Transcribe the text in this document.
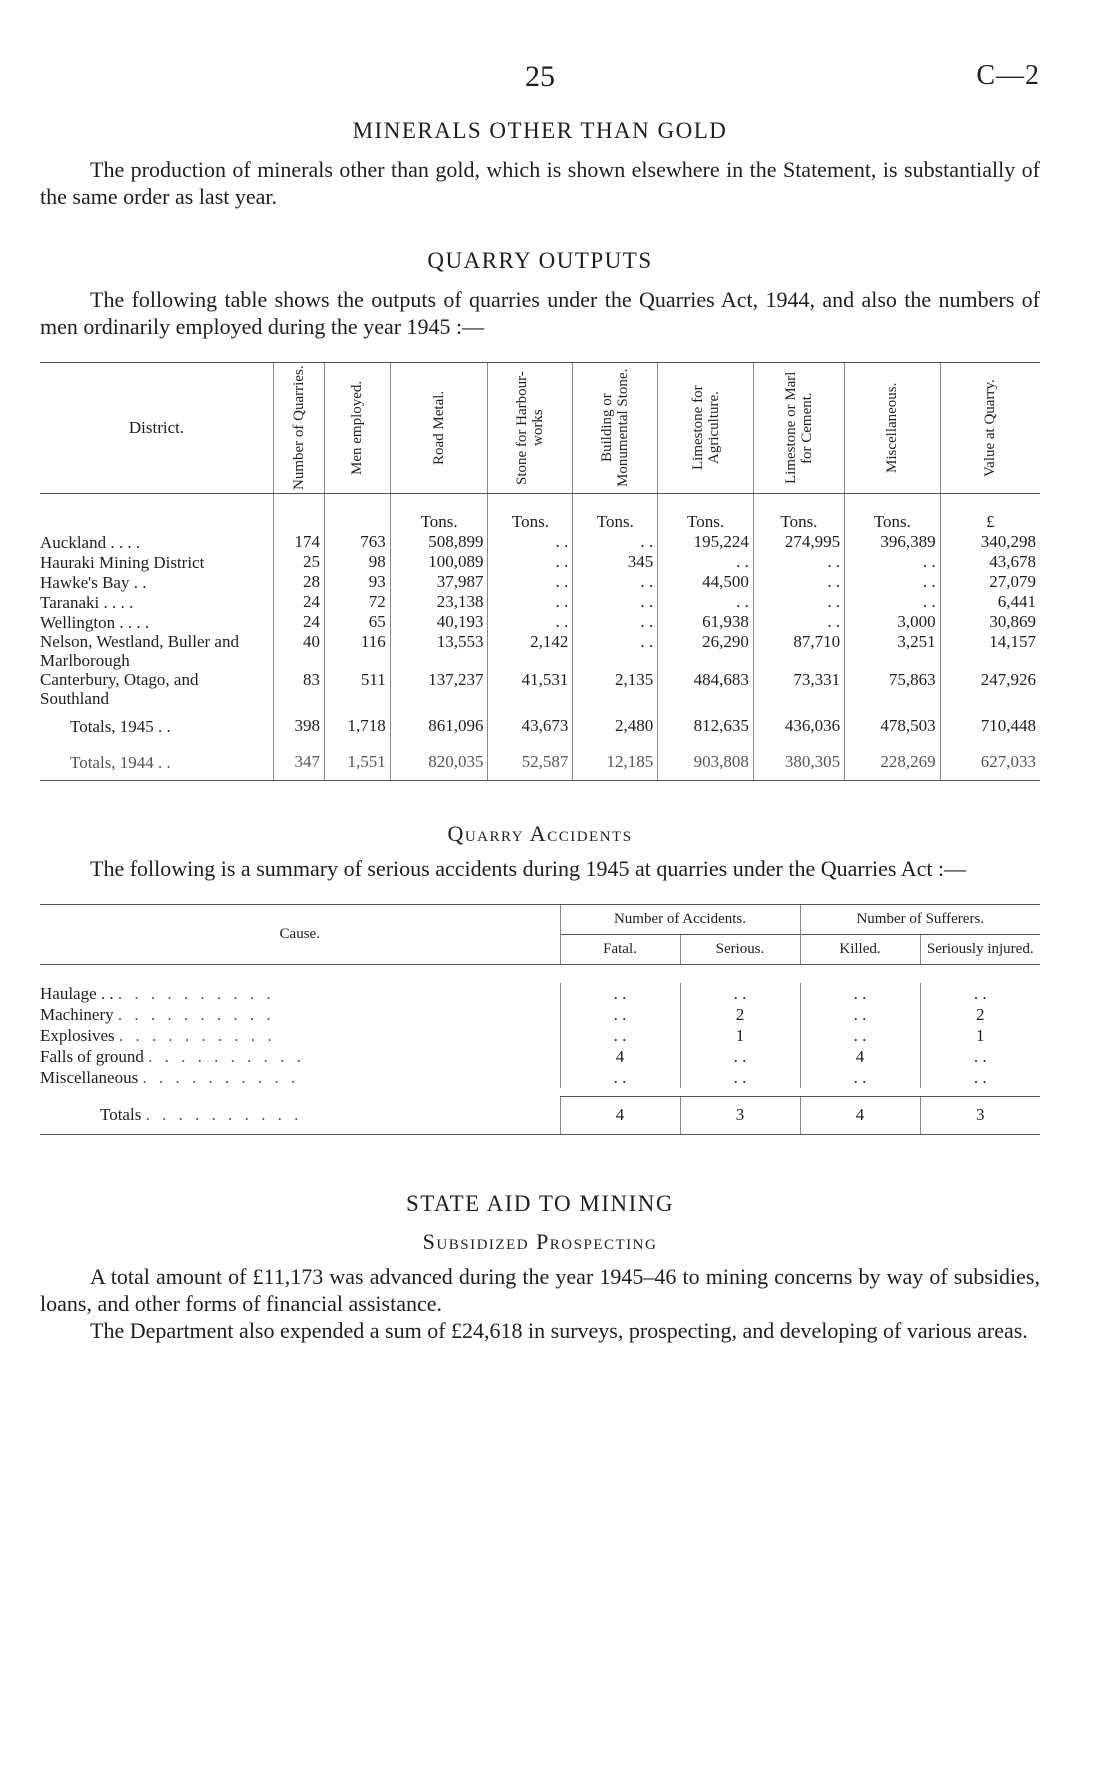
25	C—2
MINERALS OTHER THAN GOLD

The production of minerals other than gold, which is shown elsewhere in the Statement, is substantially of the same order as last year.

QUARRY OUTPUTS

The following table shows the outputs of quarries under the Quarries Act, 1944, and also the numbers of men ordinarily employed during the year 1945 :—

District.	Number of Quarries.	Men employed.	Road Metal.	Stone for Harbour-works	Building or Monumental Stone.	Limestone for Agriculture.	Limestone or Marl for Cement.	Miscellaneous.	Value at Quarry.

			Tons.	Tons.	Tons.	Tons.	Tons.	Tons.	£
Auckland . . . .	174	763	508,899	. .	. .	195,224	274,995	396,389	340,298
Hauraki Mining District	25	98	100,089	. .	345	. .	. .	. .	43,678
Hawke's Bay . .	28	93	37,987	. .	. .	44,500	. .	. .	27,079
Taranaki . . . .	24	72	23,138	. .	. .	. .	. .	. .	6,441
Wellington . . . .	24	65	40,193	. .	. .	61,938	. .	3,000	30,869
Nelson, Westland, Buller and Marlborough	40	116	13,553	2,142	. .	26,290	87,710	3,251	14,157
Canterbury, Otago, and Southland	83	511	137,237	41,531	2,135	484,683	73,331	75,863	247,926
Totals, 1945 . .	398	1,718	861,096	43,673	2,480	812,635	436,036	478,503	710,448
Totals, 1944 . .	347	1,551	820,035	52,587	12,185	903,808	380,305	228,269	627,033
Quarry Accidents

The following is a summary of serious accidents during 1945 at quarries under the Quarries Act :—

Cause.	Number of Accidents.		Number of Sufferers.	
	Fatal.	Serious.	Killed.	Seriously injured.

Haulage . . . . . . . . . . . .	. .	. .	. .	. .
Machinery . . . . . . . . . .	. .	2	. .	2
Explosives . . . . . . . . . .	. .	1	. .	1
Falls of ground . . . . . . . . . .	4	. .	4	. .
Miscellaneous . . . . . . . . . .	. .	. .	. .	. .

Totals . . . . . . . . . .	4	3	4	3
STATE AID TO MINING
Subsidized Prospecting

A total amount of £11,173 was advanced during the year 1945–46 to mining concerns by way of subsidies, loans, and other forms of financial assistance.

The Department also expended a sum of £24,618 in surveys, prospecting, and developing of various areas.
